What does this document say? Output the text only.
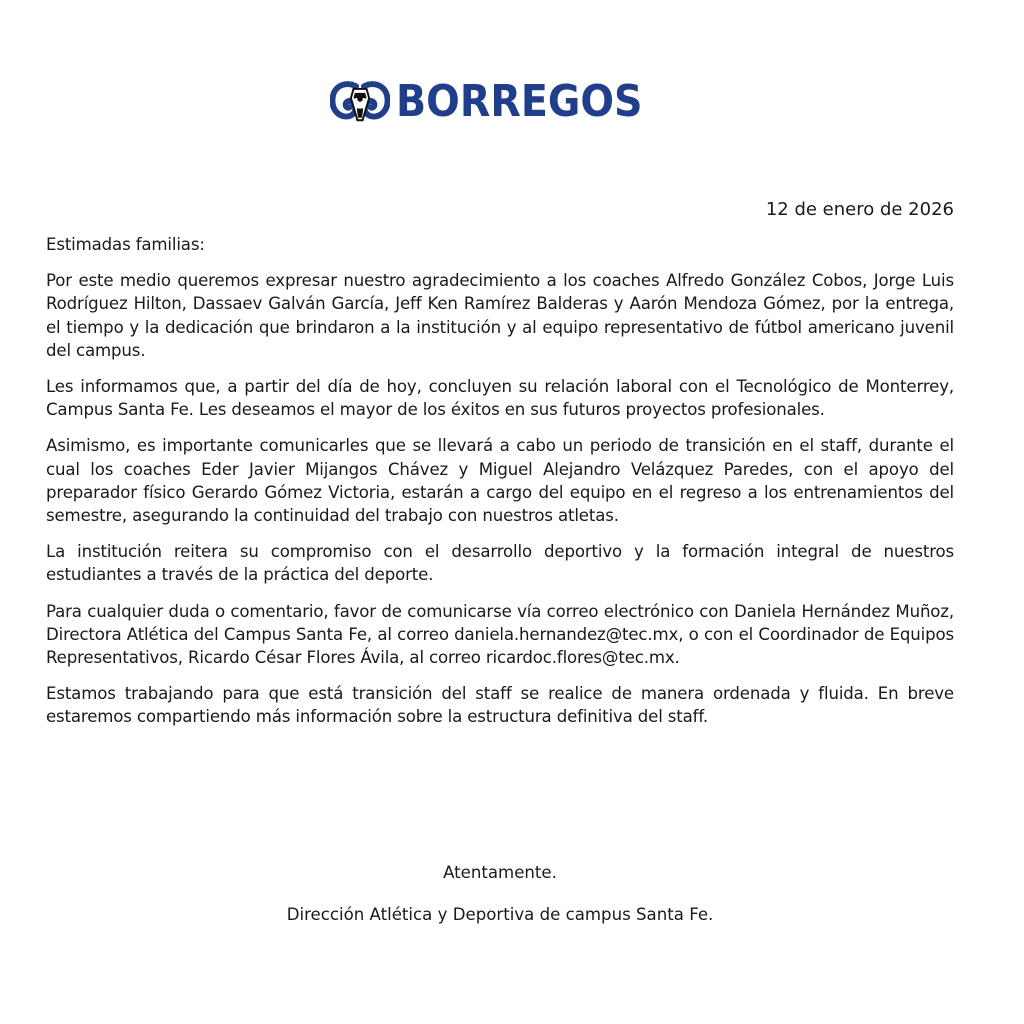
BORREGOS
12 de enero de 2026

Estimadas familias:

Por este medio queremos expresar nuestro agradecimiento a los coaches Alfredo González Cobos, Jorge Luis Rodríguez Hilton, Dassaev Galván García, Jeff Ken Ramírez Balderas y Aarón Mendoza Gómez, por la entrega, el tiempo y la dedicación que brindaron a la institución y al equipo representativo de fútbol americano juvenil del campus.

Les informamos que, a partir del día de hoy, concluyen su relación laboral con el Tecnológico de Monterrey, Campus Santa Fe. Les deseamos el mayor de los éxitos en sus futuros proyectos profesionales.

Asimismo, es importante comunicarles que se llevará a cabo un periodo de transición en el staff, durante el cual los coaches Eder Javier Mijangos Chávez y Miguel Alejandro Velázquez Paredes, con el apoyo del preparador físico Gerardo Gómez Victoria, estarán a cargo del equipo en el regreso a los entrenamientos del semestre, asegurando la continuidad del trabajo con nuestros atletas.

La institución reitera su compromiso con el desarrollo deportivo y la formación integral de nuestros estudiantes a través de la práctica del deporte.

Para cualquier duda o comentario, favor de comunicarse vía correo electrónico con Daniela Hernández Muñoz, Directora Atlética del Campus Santa Fe, al correo daniela.hernandez@tec.mx, o con el Coordinador de Equipos Representativos, Ricardo César Flores Ávila, al correo ricardoc.flores@tec.mx.

Estamos trabajando para que está transición del staff se realice de manera ordenada y fluida. En breve estaremos compartiendo más información sobre la estructura definitiva del staff.

Atentamente.
Dirección Atlética y Deportiva de campus Santa Fe.
